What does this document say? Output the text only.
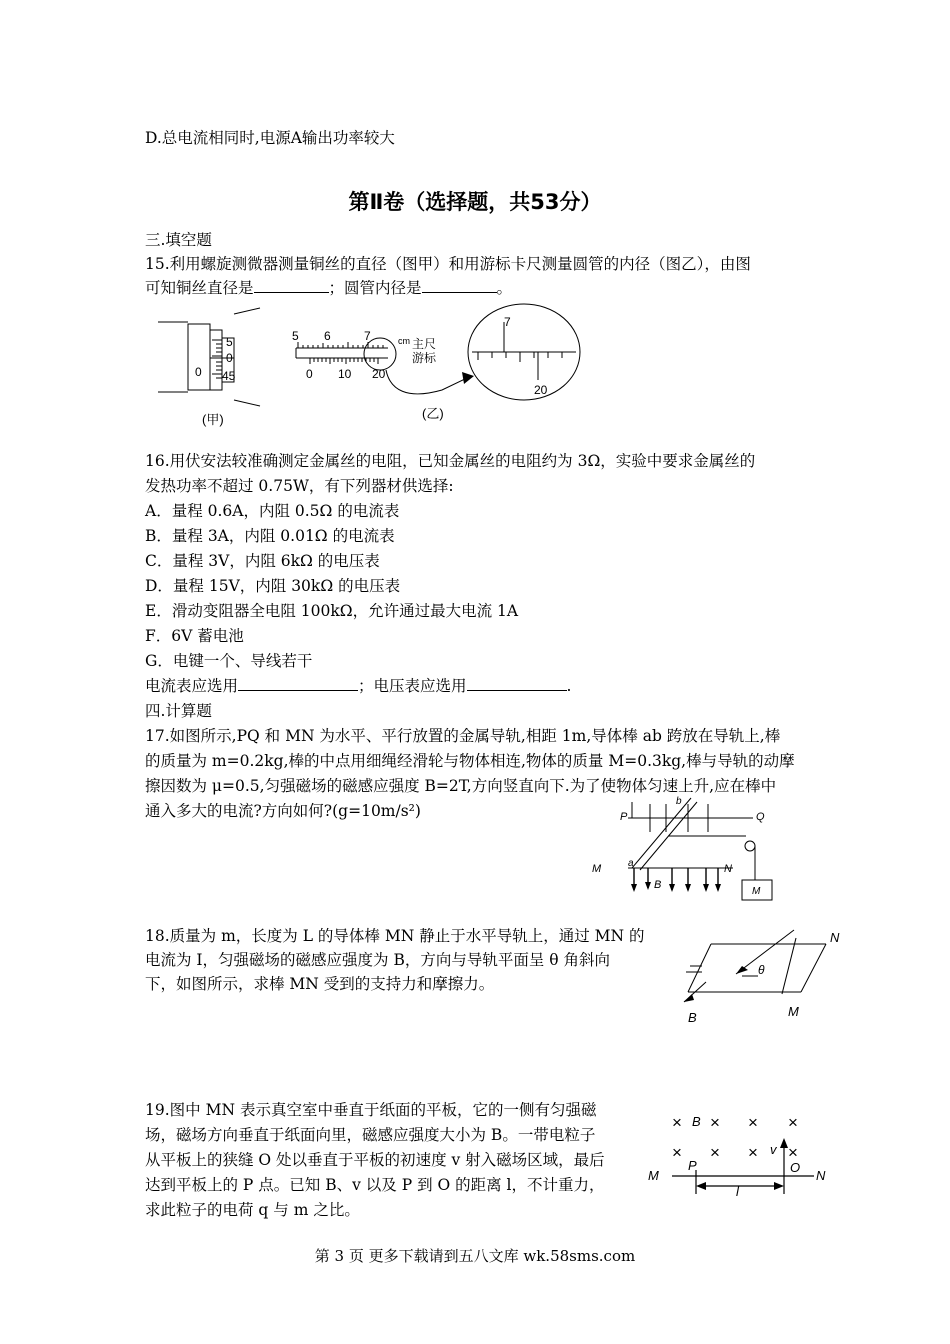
D.总电流相同时,电源A输出功率较大
第Ⅱ卷（选择题，共53分）
三.填空题
15.利用螺旋测微器测量铜丝的直径（图甲）和用游标卡尺测量圆管的内径（图乙），由图
可知铜丝直径是	；圆管内径是	。
5
0
45
0
(甲)
5 6	7	cm 主尺
游标
0 10 20
7
20
(乙)
16.用伏安法较准确测定金属丝的电阻，已知金属丝的电阻约为 3Ω，实验中要求金属丝的
发热功率不超过 0.75W，有下列器材供选择:
A．量程 0.6A，内阻 0.5Ω 的电流表
B．量程 3A，内阻 0.01Ω 的电流表
C．量程 3V，内阻 6kΩ 的电压表
D．量程 15V，内阻 30kΩ 的电压表
E．滑动变阻器全电阻 100kΩ，允许通过最大电流 1A
F．6V 蓄电池
G．电键一个、导线若干
电流表应选用	；电压表应选用	.
四.计算题
17.如图所示,PQ 和 MN 为水平、平行放置的金属导轨,相距 1m,导体棒 ab 跨放在导轨上,棒
的质量为 m=0.2kg,棒的中点用细绳经滑轮与物体相连,物体的质量 M=0.3kg,棒与导轨的动摩
擦因数为 μ=0.5,匀强磁场的磁感应强度 B=2T,方向竖直向下.为了使物体匀速上升,应在棒中
通入多大的电流?方向如何?(g=10m/s²)	P	Q
M	N
a
b
B
M
18.质量为 m，长度为 L 的导体棒 MN 静止于水平导轨上，通过 MN 的
电流为 I，匀强磁场的磁感应强度为 B，方向与导轨平面呈 θ 角斜向
下，如图所示，求棒 MN 受到的支持力和摩擦力。
N
M
B
θ
19.图中 MN 表示真空室中垂直于纸面的平板，它的一侧有匀强磁
场，磁场方向垂直于纸面向里，磁感应强度大小为 B。一带电粒子
从平板上的狭缝 O 处以垂直于平板的初速度 v 射入磁场区域，最后
达到平板上的 P 点。已知 B、v 以及 P 到 O 的距离 l，不计重力，
求此粒子的电荷 q 与 m 之比。
× × × ×
× × × ×
B
v
M	N
P	O
l
第 3 页 更多下载请到五八文库 wk.58sms.com
